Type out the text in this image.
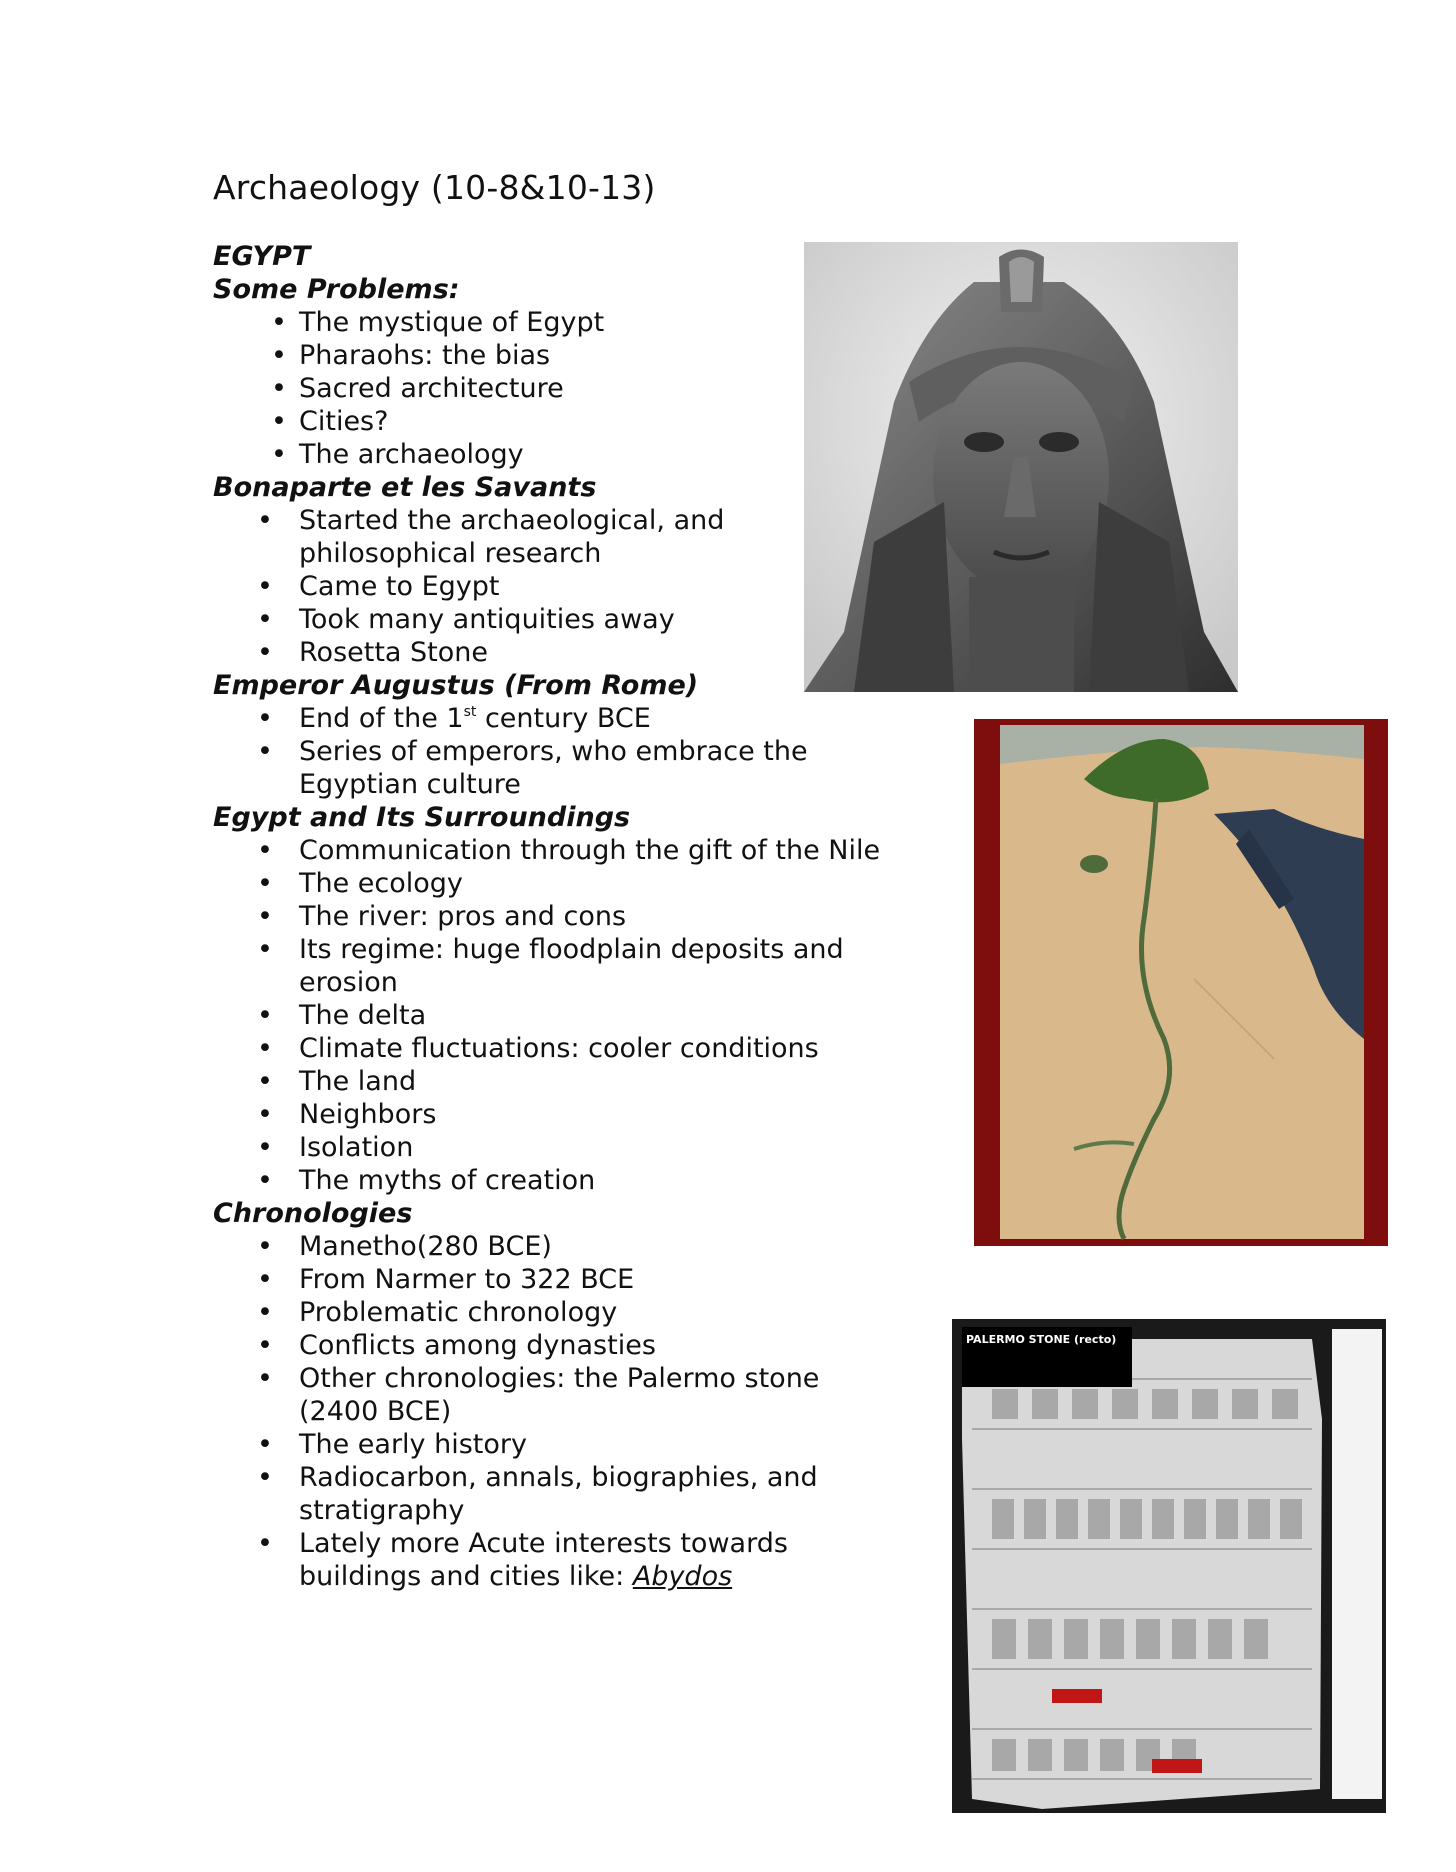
Archaeology (10-8&10-13)

EGYPT

Some Problems:

• The mystique of Egypt
• Pharaohs: the bias
• Sacred architecture
• Cities?
• The archaeology

Bonaparte et les Savants

• Started the archaeological, and philosophical research
• Came to Egypt
• Took many antiquities away
• Rosetta Stone

Emperor Augustus (From Rome)

• End of the 1st century BCE
• Series of emperors, who embrace the Egyptian culture

Egypt and Its Surroundings

• Communication through the gift of the Nile
• The ecology
• The river: pros and cons
• Its regime: huge floodplain deposits and erosion
• The delta
• Climate fluctuations: cooler conditions
• The land
• Neighbors
• Isolation
• The myths of creation

Chronologies

• Manetho(280 BCE)
• From Narmer to 322 BCE
• Problematic chronology
• Conflicts among dynasties
• Other chronologies: the Palermo stone (2400 BCE)
• The early history
• Radiocarbon, annals, biographies, and stratigraphy
• Lately more Acute interests towards buildings and cities like: Abydos
PALERMO STONE (recto)
